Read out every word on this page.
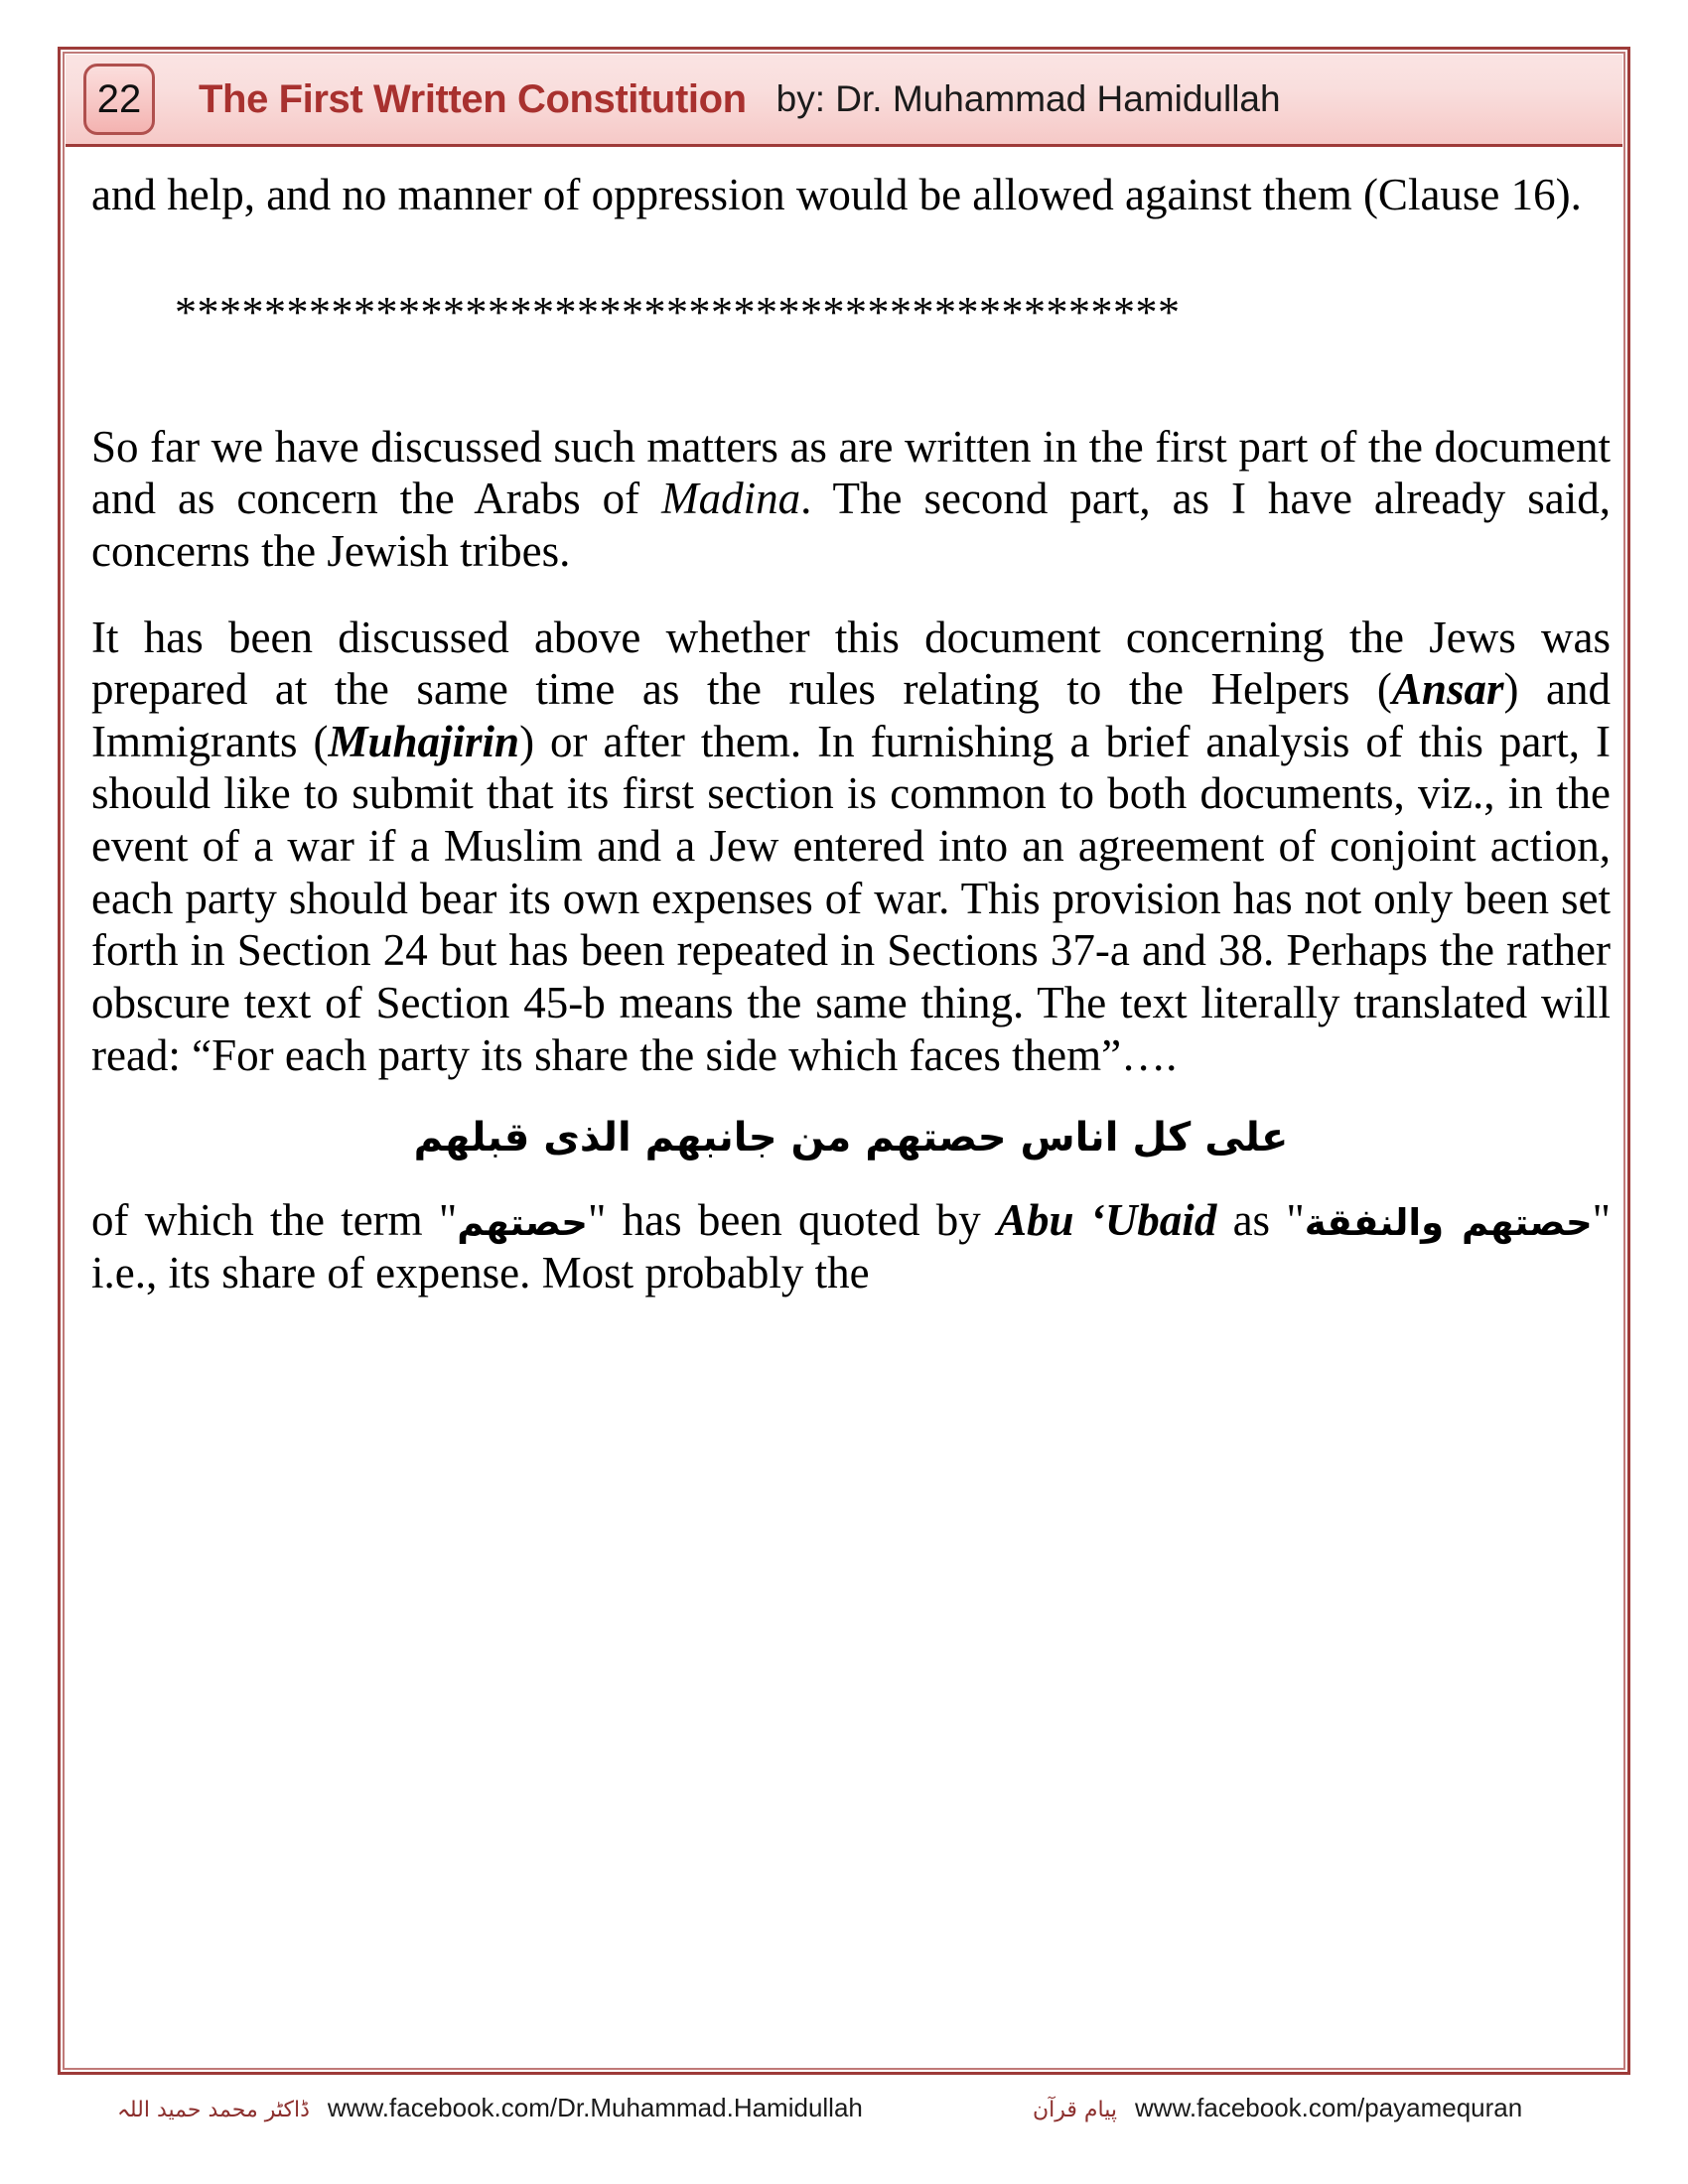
22	The First Written Constitution by: Dr. Muhammad Hamidullah

and help, and no manner of oppression would be allowed against them (Clause 16).

*********************************************

So far we have discussed such matters as are written in the first part of the document and as concern the Arabs of Madina. The second part, as I have already said, concerns the Jewish tribes.

It has been discussed above whether this document concerning the Jews was prepared at the same time as the rules relating to the Helpers (Ansar) and Immigrants (Muhajirin) or after them. In furnishing a brief analysis of this part, I should like to submit that its first section is common to both documents, viz., in the event of a war if a Muslim and a Jew entered into an agreement of conjoint action, each party should bear its own expenses of war. This provision has not only been set forth in Section 24 but has been repeated in Sections 37-a and 38. Perhaps the rather obscure text of Section 45-b means the same thing. The text literally translated will read: “For each party its share the side which faces them”….

على كل اناس حصتهم من جانبهم الذى قبلهم

of which the term "حصتهم" has been quoted by Abu ‘Ubaid as "حصتهم والنفقة" i.e., its share of expense. Most probably the

ڈاکٹر محمد حمید اللہ www.facebook.com/Dr.Muhammad.Hamidullah	پیام قرآن www.facebook.com/payamequran
